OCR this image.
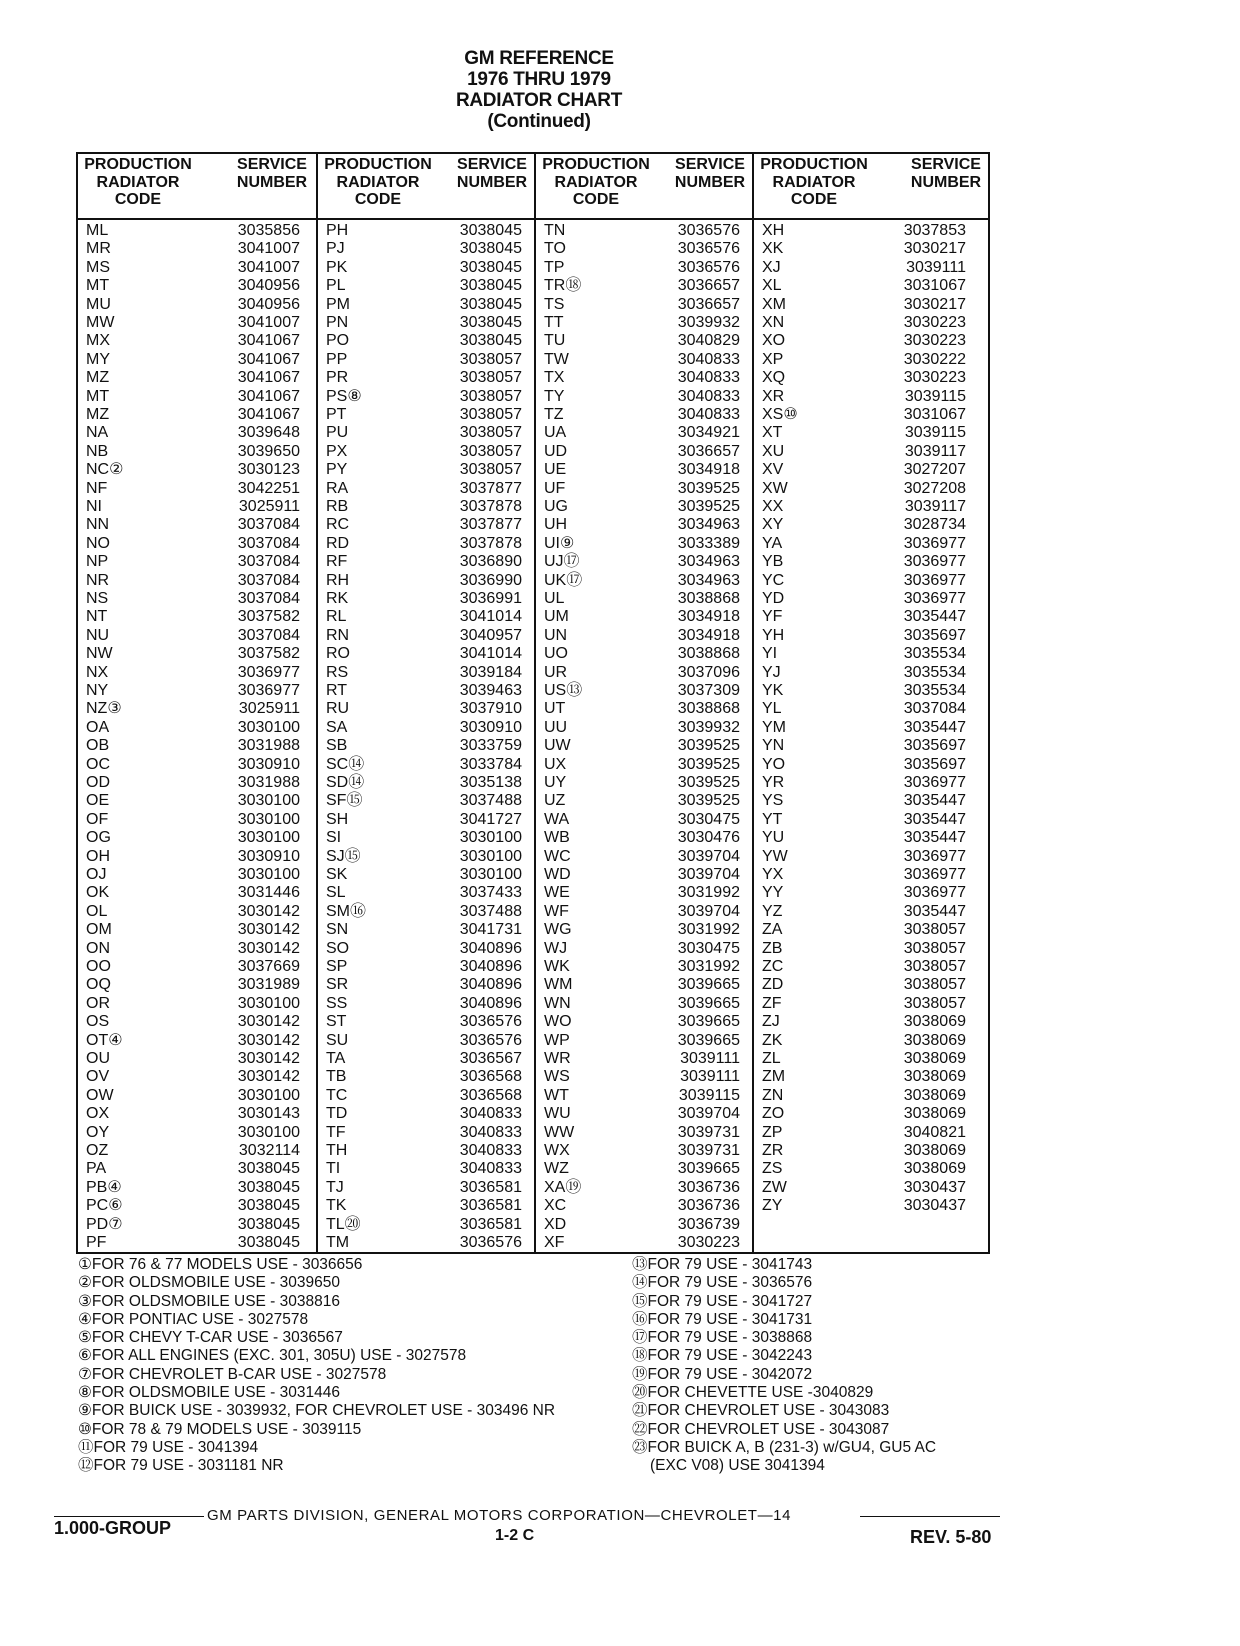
GM REFERENCE
1976 THRU 1979
RADIATOR CHART
(Continued)
PRODUCTION
RADIATOR
CODE
SERVICE
NUMBER
ML	3035856
MR	3041007
MS	3041007
MT	3040956
MU	3040956
MW	3041007
MX	3041067
MY	3041067
MZ	3041067
MT	3041067
MZ	3041067
NA	3039648
NB	3039650
NC②	3030123
NF	3042251
NI	3025911
NN	3037084
NO	3037084
NP	3037084
NR	3037084
NS	3037084
NT	3037582
NU	3037084
NW	3037582
NX	3036977
NY	3036977
NZ③	3025911
OA	3030100
OB	3031988
OC	3030910
OD	3031988
OE	3030100
OF	3030100
OG	3030100
OH	3030910
OJ	3030100
OK	3031446
OL	3030142
OM	3030142
ON	3030142
OO	3037669
OQ	3031989
OR	3030100
OS	3030142
OT④	3030142
OU	3030142
OV	3030142
OW	3030100
OX	3030143
OY	3030100
OZ	3032114
PA	3038045
PB④	3038045
PC⑥	3038045
PD⑦	3038045
PF	3038045
PRODUCTION
RADIATOR
CODE
SERVICE
NUMBER
PH	3038045
PJ	3038045
PK	3038045
PL	3038045
PM	3038045
PN	3038045
PO	3038045
PP	3038057
PR	3038057
PS⑧	3038057
PT	3038057
PU	3038057
PX	3038057
PY	3038057
RA	3037877
RB	3037878
RC	3037877
RD	3037878
RF	3036890
RH	3036990
RK	3036991
RL	3041014
RN	3040957
RO	3041014
RS	3039184
RT	3039463
RU	3037910
SA	3030910
SB	3033759
SC⑭	3033784
SD⑭	3035138
SF⑮	3037488
SH	3041727
SI	3030100
SJ⑮	3030100
SK	3030100
SL	3037433
SM⑯	3037488
SN	3041731
SO	3040896
SP	3040896
SR	3040896
SS	3040896
ST	3036576
SU	3036576
TA	3036567
TB	3036568
TC	3036568
TD	3040833
TF	3040833
TH	3040833
TI	3040833
TJ	3036581
TK	3036581
TL⑳	3036581
TM	3036576
PRODUCTION
RADIATOR
CODE
SERVICE
NUMBER
TN	3036576
TO	3036576
TP	3036576
TR⑱	3036657
TS	3036657
TT	3039932
TU	3040829
TW	3040833
TX	3040833
TY	3040833
TZ	3040833
UA	3034921
UD	3036657
UE	3034918
UF	3039525
UG	3039525
UH	3034963
UI⑨	3033389
UJ⑰	3034963
UK⑰	3034963
UL	3038868
UM	3034918
UN	3034918
UO	3038868
UR	3037096
US⑬	3037309
UT	3038868
UU	3039932
UW	3039525
UX	3039525
UY	3039525
UZ	3039525
WA	3030475
WB	3030476
WC	3039704
WD	3039704
WE	3031992
WF	3039704
WG	3031992
WJ	3030475
WK	3031992
WM	3039665
WN	3039665
WO	3039665
WP	3039665
WR	3039111
WS	3039111
WT	3039115
WU	3039704
WW	3039731
WX	3039731
WZ	3039665
XA⑲	3036736
XC	3036736
XD	3036739
XF	3030223
PRODUCTION
RADIATOR
CODE
SERVICE
NUMBER
XH	3037853
XK	3030217
XJ	3039111
XL	3031067
XM	3030217
XN	3030223
XO	3030223
XP	3030222
XQ	3030223
XR	3039115
XS⑩	3031067
XT	3039115
XU	3039117
XV	3027207
XW	3027208
XX	3039117
XY	3028734
YA	3036977
YB	3036977
YC	3036977
YD	3036977
YF	3035447
YH	3035697
YI	3035534
YJ	3035534
YK	3035534
YL	3037084
YM	3035447
YN	3035697
YO	3035697
YR	3036977
YS	3035447
YT	3035447
YU	3035447
YW	3036977
YX	3036977
YY	3036977
YZ	3035447
ZA	3038057
ZB	3038057
ZC	3038057
ZD	3038057
ZF	3038057
ZJ	3038069
ZK	3038069
ZL	3038069
ZM	3038069
ZN	3038069
ZO	3038069
ZP	3040821
ZR	3038069
ZS	3038069
ZW	3030437
ZY	3030437
①FOR 76 & 77 MODELS USE - 3036656
②FOR OLDSMOBILE USE - 3039650
③FOR OLDSMOBILE USE - 3038816
④FOR PONTIAC USE - 3027578
⑤FOR CHEVY T-CAR USE - 3036567
⑥FOR ALL ENGINES (EXC. 301, 305U) USE - 3027578
⑦FOR CHEVROLET B-CAR USE - 3027578
⑧FOR OLDSMOBILE USE - 3031446
⑨FOR BUICK USE - 3039932, FOR CHEVROLET USE - 303496 NR
⑩FOR 78 & 79 MODELS USE - 3039115
⑪FOR 79 USE - 3041394
⑫FOR 79 USE - 3031181 NR
⑬FOR 79 USE - 3041743
⑭FOR 79 USE - 3036576
⑮FOR 79 USE - 3041727
⑯FOR 79 USE - 3041731
⑰FOR 79 USE - 3038868
⑱FOR 79 USE - 3042243
⑲FOR 79 USE - 3042072
⑳FOR CHEVETTE USE -3040829
㉑FOR CHEVROLET USE - 3043083
㉒FOR CHEVROLET USE - 3043087
㉓FOR BUICK A, B (231-3) w/GU4, GU5 AC
(EXC V08) USE 3041394
GM PARTS DIVISION, GENERAL MOTORS CORPORATION—CHEVROLET—14
1.000-GROUP	1-2 C	REV. 5-80
